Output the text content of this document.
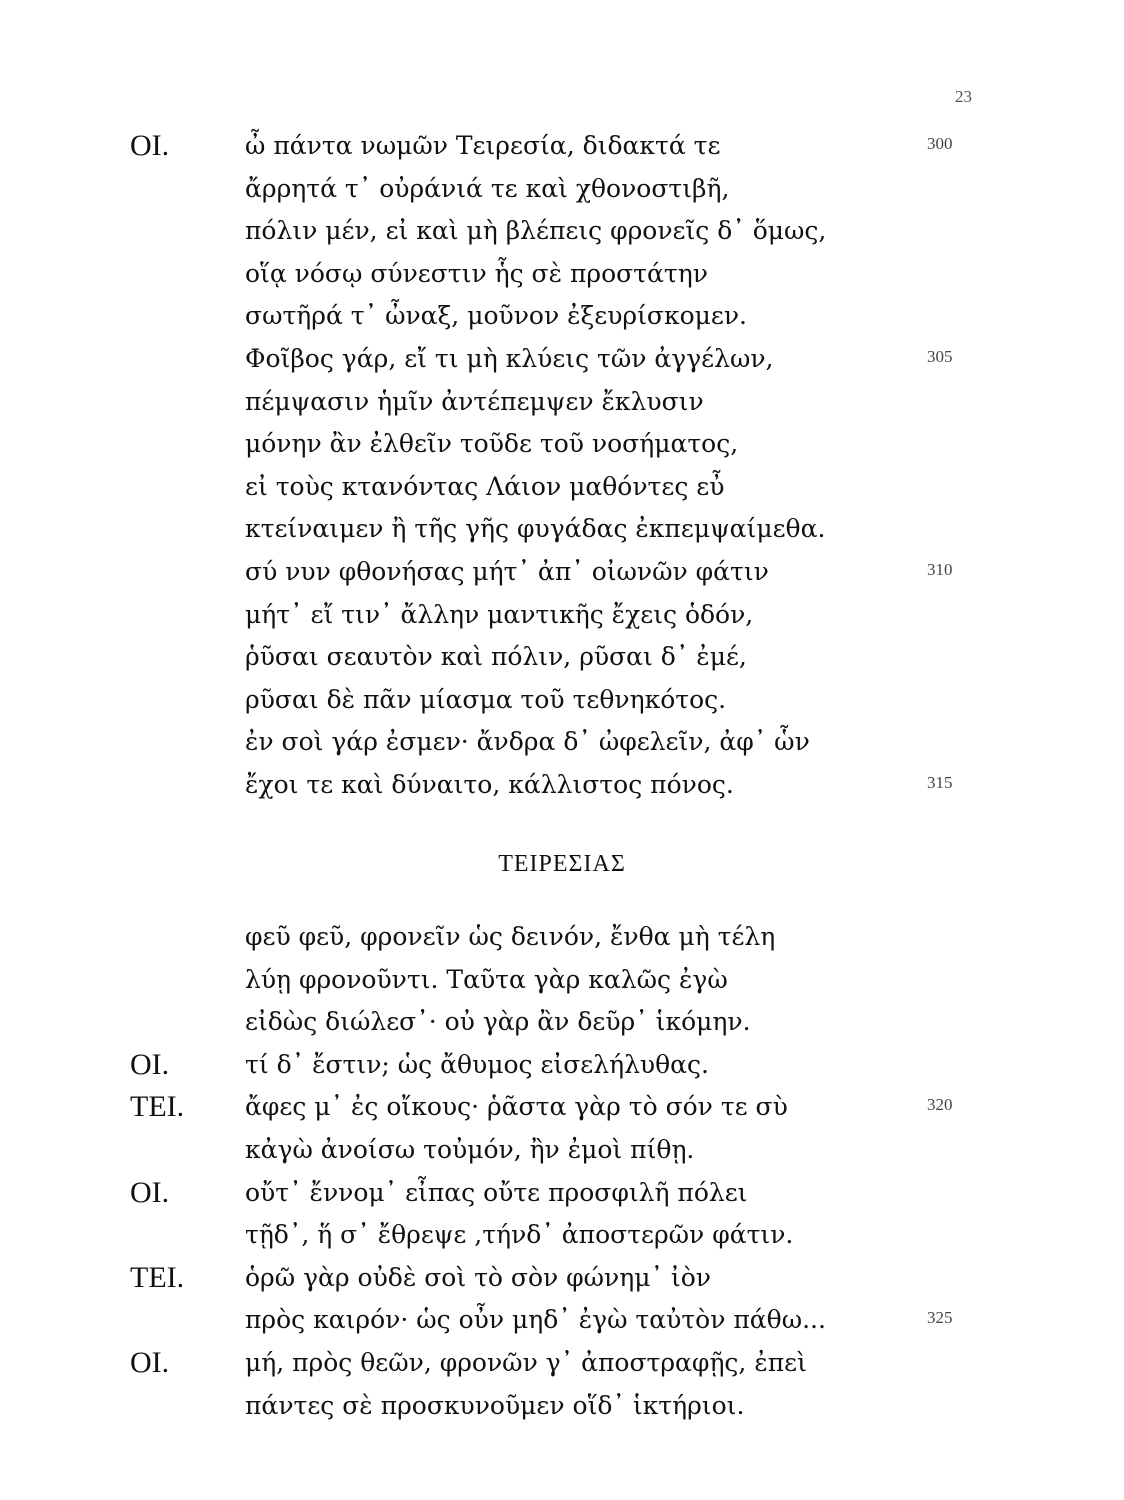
23
ΟΙ.	ὦ πάντα νωμῶν Τειρεσία, διδακτά τε	300
ἄρρητά τ᾽ οὐράνιά τε καὶ χθονοστιβῆ,
πόλιν μέν, εἰ καὶ μὴ βλέπεις φρονεῖς δ᾽ ὅμως,
οἵᾳ νόσῳ σύνεστιν ἧς σὲ προστάτην
σωτῆρά τ᾽ ὦναξ, μοῦνον ἐξευρίσκομεν.
Φοῖβος γάρ, εἴ τι μὴ κλύεις τῶν ἀγγέλων,	305
πέμψασιν ἡμῖν ἀντέπεμψεν ἔκλυσιν
μόνην ἂν ἐλθεῖν τοῦδε τοῦ νοσήματος,
εἰ τοὺς κτανόντας Λάιον μαθόντες εὖ
κτείναιμεν ἢ τῆς γῆς φυγάδας ἐκπεμψαίμεθα.
σύ νυν φθονήσας μήτ᾽ ἀπ᾽ οἰωνῶν φάτιν	310
μήτ᾽ εἴ τιν᾽ ἄλλην μαντικῆς ἔχεις ὁδόν,
ῥῦσαι σεαυτὸν καὶ πόλιν, ρῦσαι δ᾽ ἐμέ,
ρῦσαι δὲ πᾶν μίασμα τοῦ τεθνηκότος.
ἐν σοὶ γάρ ἐσμεν· ἄνδρα δ᾽ ὠφελεῖν, ἀφ᾽ ὧν
ἔχοι τε καὶ δύναιτο, κάλλιστος πόνος.	315
ΤΕΙΡΕΣΙΑΣ
φεῦ φεῦ, φρονεῖν ὡς δεινόν, ἔνθα μὴ τέλη
λύῃ φρονοῦντι. Ταῦτα γὰρ καλῶς ἐγὼ
εἰδὼς διώλεσ᾽· οὐ γὰρ ἂν δεῦρ᾽ ἱκόμην.
ΟΙ.	τί δ᾽ ἔστιν; ὡς ἄθυμος εἰσελήλυθας.
ΤΕΙ. ἄφες μ᾽ ἐς οἴκους· ῥᾶστα γὰρ τὸ σόν τε σὺ	320
κἀγὼ ἀνοίσω τοὐμόν, ἢν ἐμοὶ πίθῃ.
ΟΙ.	οὔτ᾽ ἔννομ᾽ εἶπας οὔτε προσφιλῆ πόλει
τῇδ᾽, ἥ σ᾽ ἔθρεψε ,τήνδ᾽ ἀποστερῶν φάτιν.
ΤΕΙ. ὁρῶ γὰρ οὐδὲ σοὶ τὸ σὸν φώνημ᾽ ἰὸν
πρὸς καιρόν· ὡς οὖν μηδ᾽ ἐγὼ ταὐτὸν πάθω...	325
ΟΙ.	μή, πρὸς θεῶν, φρονῶν γ᾽ ἀποστραφῇς, ἐπεὶ
πάντες σὲ προσκυνοῦμεν οἵδ᾽ ἱκτήριοι.
